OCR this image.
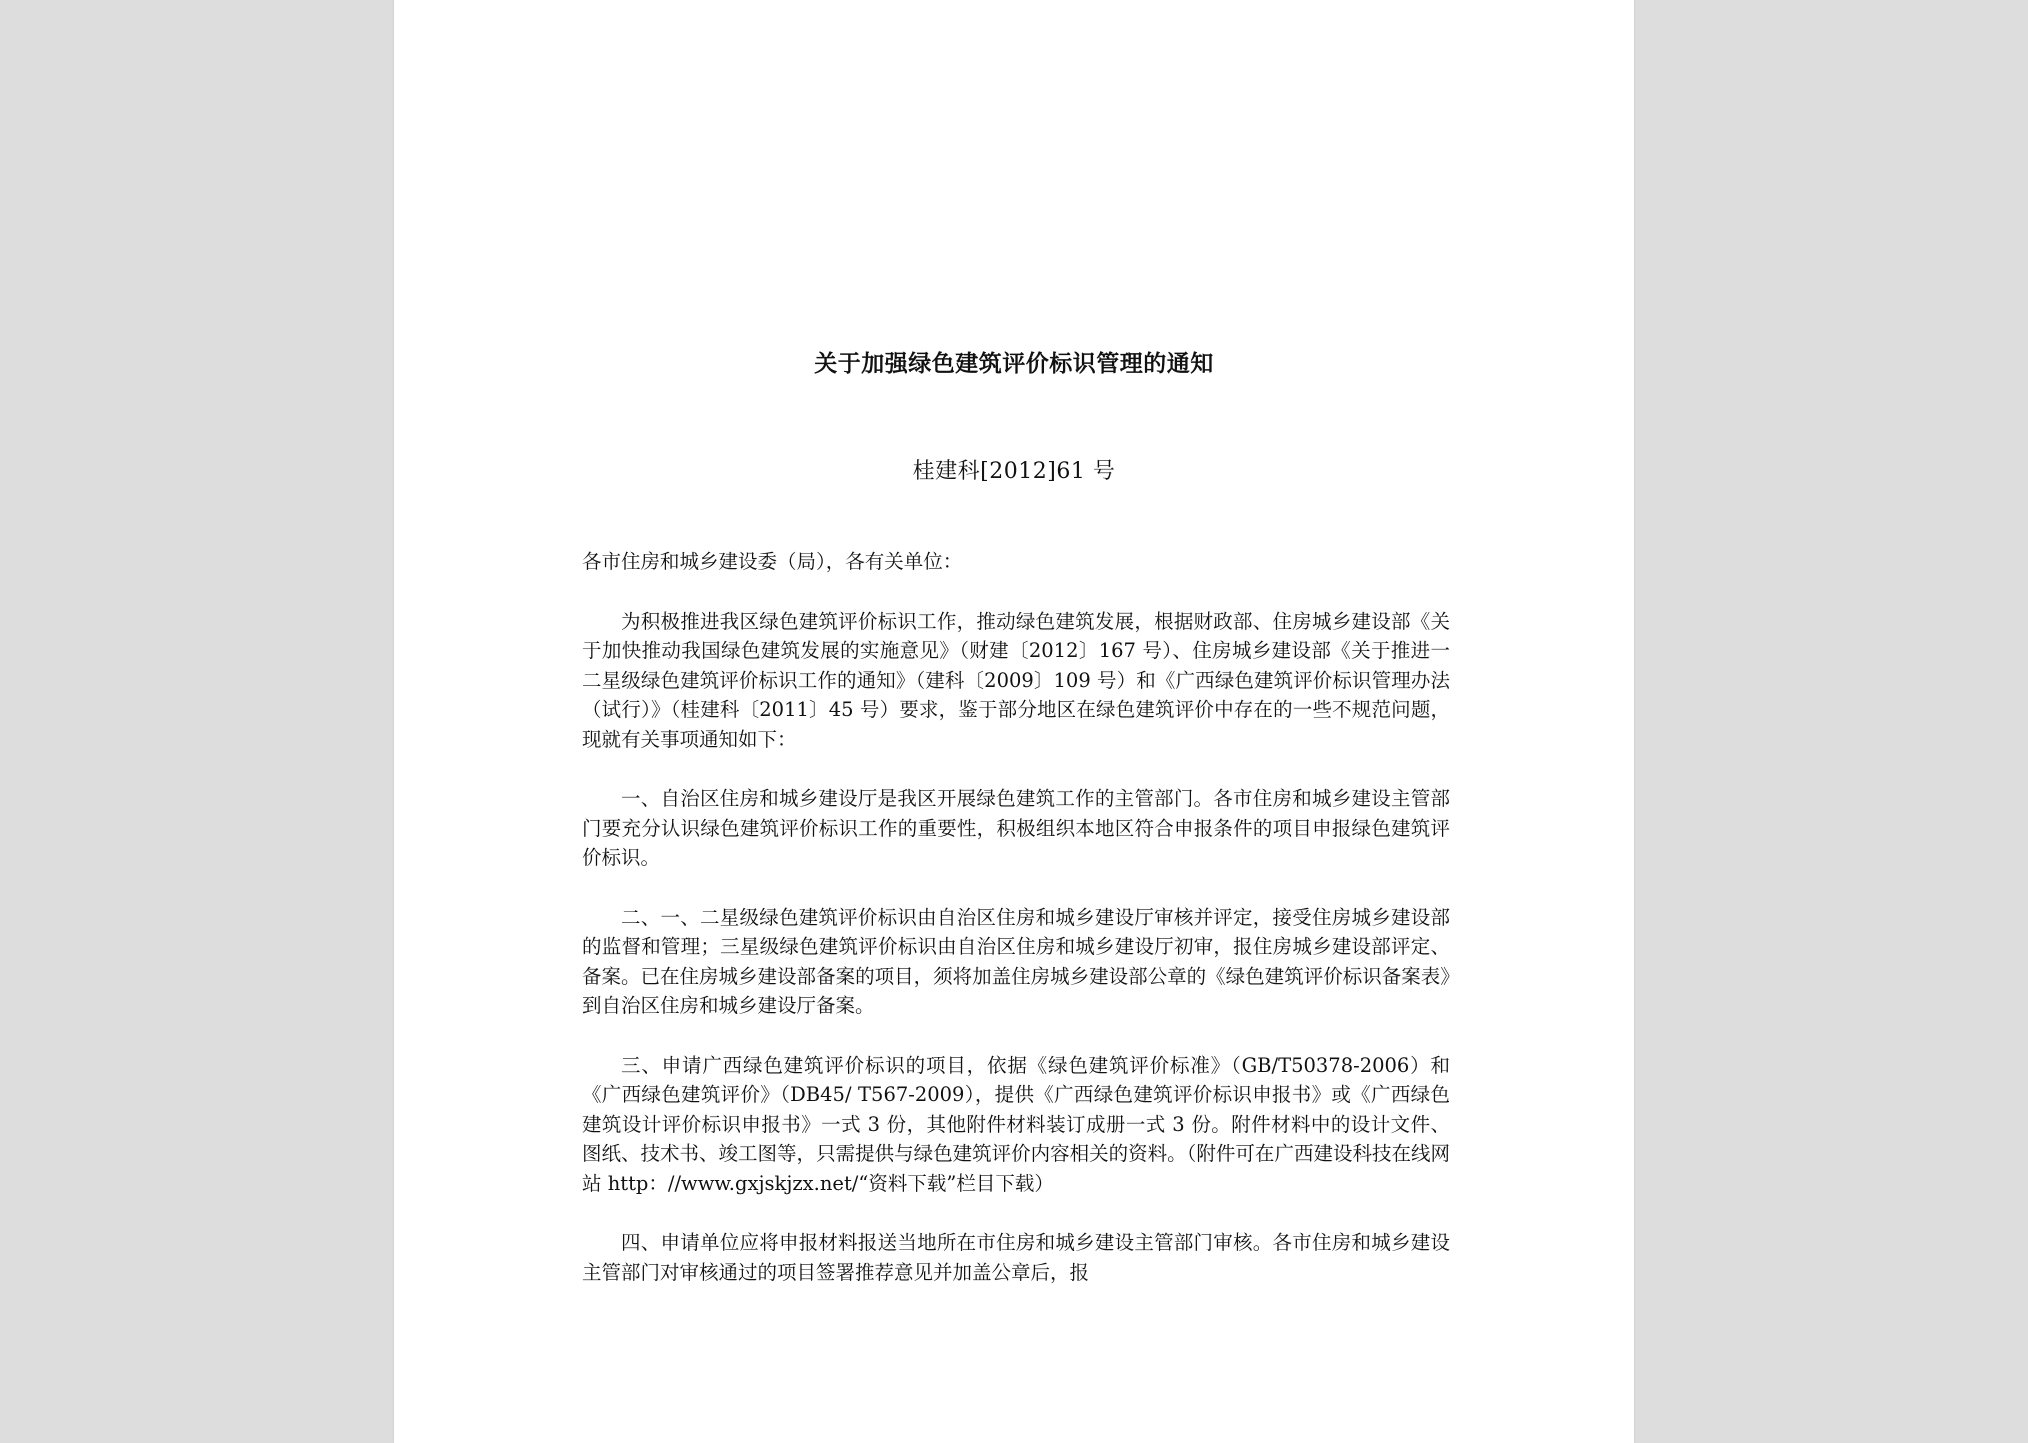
关于加强绿色建筑评价标识管理的通知
桂建科[2012]61 号

各市住房和城乡建设委（局），各有关单位：

为积极推进我区绿色建筑评价标识工作，推动绿色建筑发展，根据财政部、住房城乡建设部《关于加快推动我国绿色建筑发展的实施意见》（财建〔2012〕167 号）、住房城乡建设部《关于推进一二星级绿色建筑评价标识工作的通知》（建科〔2009〕109 号）和《广西绿色建筑评价标识管理办法（试行）》（桂建科〔2011〕45 号）要求，鉴于部分地区在绿色建筑评价中存在的一些不规范问题，现就有关事项通知如下：

一、自治区住房和城乡建设厅是我区开展绿色建筑工作的主管部门。各市住房和城乡建设主管部门要充分认识绿色建筑评价标识工作的重要性，积极组织本地区符合申报条件的项目申报绿色建筑评价标识。

二、一、二星级绿色建筑评价标识由自治区住房和城乡建设厅审核并评定，接受住房城乡建设部的监督和管理；三星级绿色建筑评价标识由自治区住房和城乡建设厅初审，报住房城乡建设部评定、备案。已在住房城乡建设部备案的项目，须将加盖住房城乡建设部公章的《绿色建筑评价标识备案表》到自治区住房和城乡建设厅备案。

三、申请广西绿色建筑评价标识的项目，依据《绿色建筑评价标准》（GB/T50378-2006）和《广西绿色建筑评价》（DB45/ T567-2009），提供《广西绿色建筑评价标识申报书》或《广西绿色建筑设计评价标识申报书》一式 3 份，其他附件材料装订成册一式 3 份。附件材料中的设计文件、图纸、技术书、竣工图等，只需提供与绿色建筑评价内容相关的资料。（附件可在广西建设科技在线网站 http：//www.gxjskjzx.net/“资料下载”栏目下载）

四、申请单位应将申报材料报送当地所在市住房和城乡建设主管部门审核。各市住房和城乡建设主管部门对审核通过的项目签署推荐意见并加盖公章后，报
